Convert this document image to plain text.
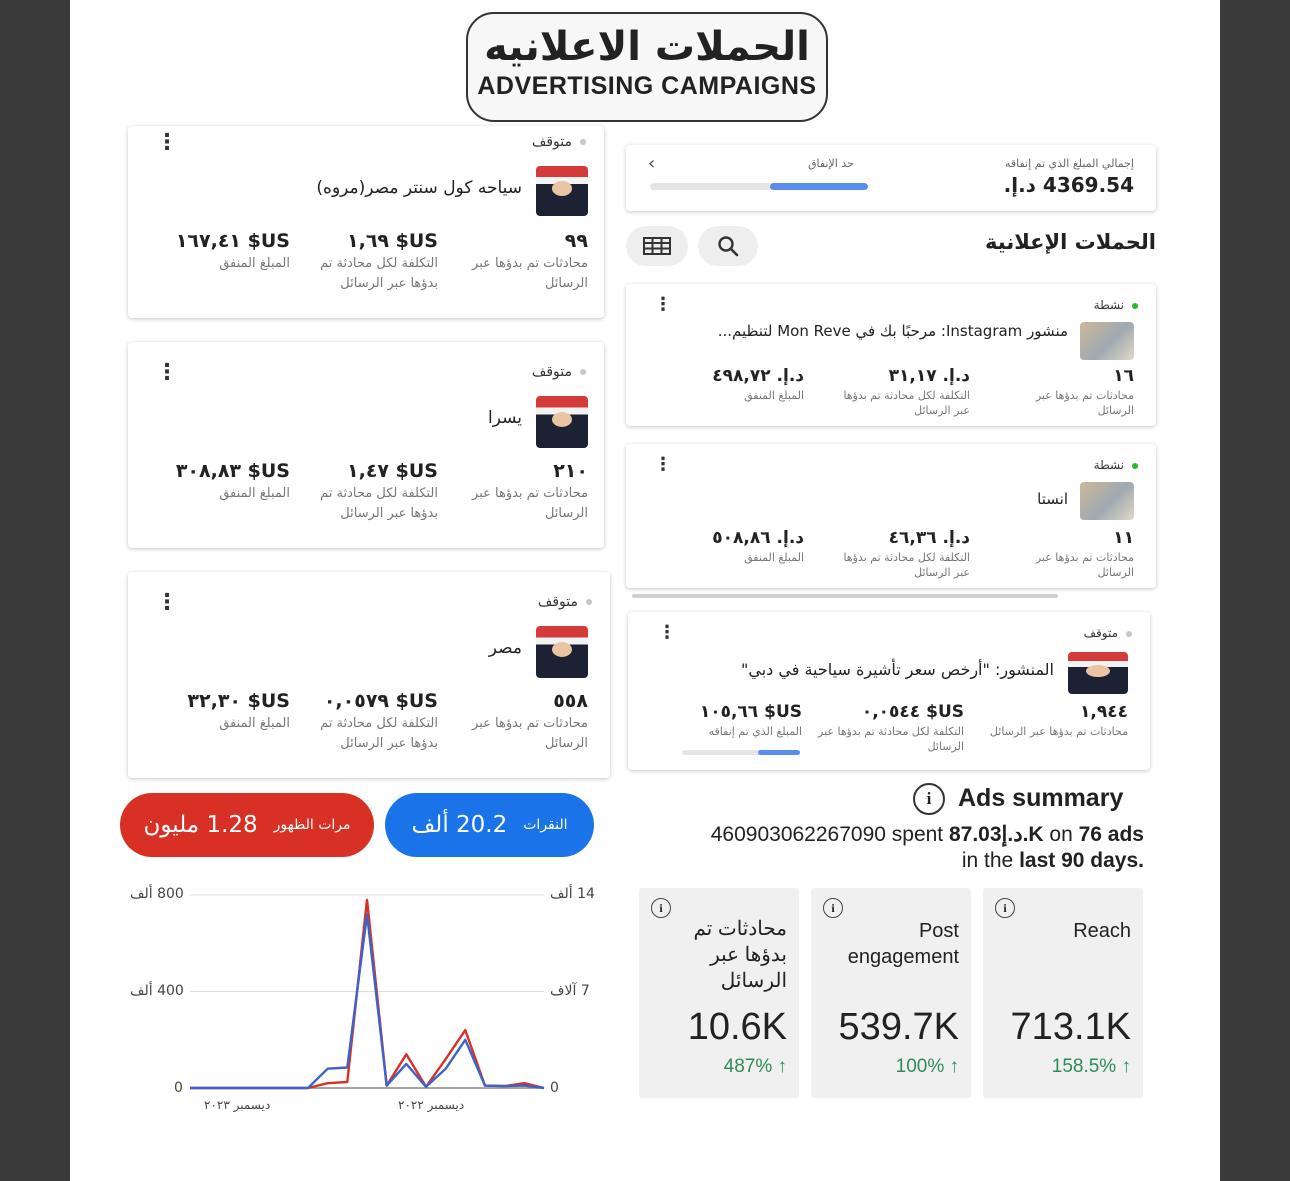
الحملات الاعلانيه
ADVERTISING CAMPAIGNS
متوقف
⋮
سياحه كول سنتر مصر(مروه)
٩٩
محادثات تم بدؤها عبر الرسائل
US$ ١,٦٩
التكلفة لكل محادثة تم بدؤها عبر الرسائل
US$ ١٦٧,٤١
المبلغ المنفق
متوقف
⋮
يسرا
٢١٠
محادثات تم بدؤها عبر الرسائل
US$ ١,٤٧
التكلفة لكل محادثة تم بدؤها عبر الرسائل
US$ ٣٠٨,٨٣
المبلغ المنفق
متوقف
⋮
مصر
٥٥٨
محادثات تم بدؤها عبر الرسائل
US$ ٠,٠٥٧٩
التكلفة لكل محادثة تم بدؤها عبر الرسائل
US$ ٣٢,٣٠
المبلغ المنفق
إجمالي المبلغ الذي تم إنفاقه
4369.54 د.إ.
حد الإنفاق
‹
الحملات الإعلانية
نشطة
⋮
منشور Instagram: مرحبًا بك في Mon Reve لتنظيم...
١٦
محادثات تم بدؤها عبر الرسائل
د.إ. ٣١,١٧
التكلفة لكل محادثة تم بدؤها عبر الرسائل
د.إ. ٤٩٨,٧٢
المبلغ المنفق
نشطة
⋮
انستا
١١
محادثات تم بدؤها عبر الرسائل
د.إ. ٤٦,٣٦
التكلفة لكل محادثة تم بدؤها عبر الرسائل
د.إ. ٥٠٨,٨٦
المبلغ المنفق
متوقف
⋮
المنشور: "أرخص سعر تأشيرة سياحية في دبي"
١,٩٤٤
محادثات تم بدؤها عبر الرسائل
US$ ٠,٠٥٤٤
التكلفة لكل محادثة تم بدؤها عبر الرسائل
US$ ١٠٥,٦٦
المبلغ الذي تم إنفاقه
مرات الظهور
1.28 مليون	النقرات
20.2 ألف
800 ألف
400 ألف
0
14 ألف
7 آلاف
0
ديسمبر ٢٠٢٣	ديسمبر ٢٠٢٢
i	Ads summary
460903062267090 spent 87.03د.إ.K on 76 ads
in the last 90 days.
i
محادثات تم بدؤها عبر الرسائل
10.6K
487% ↑
i
Post engagement
539.7K
100% ↑
i
Reach
713.1K
158.5% ↑
